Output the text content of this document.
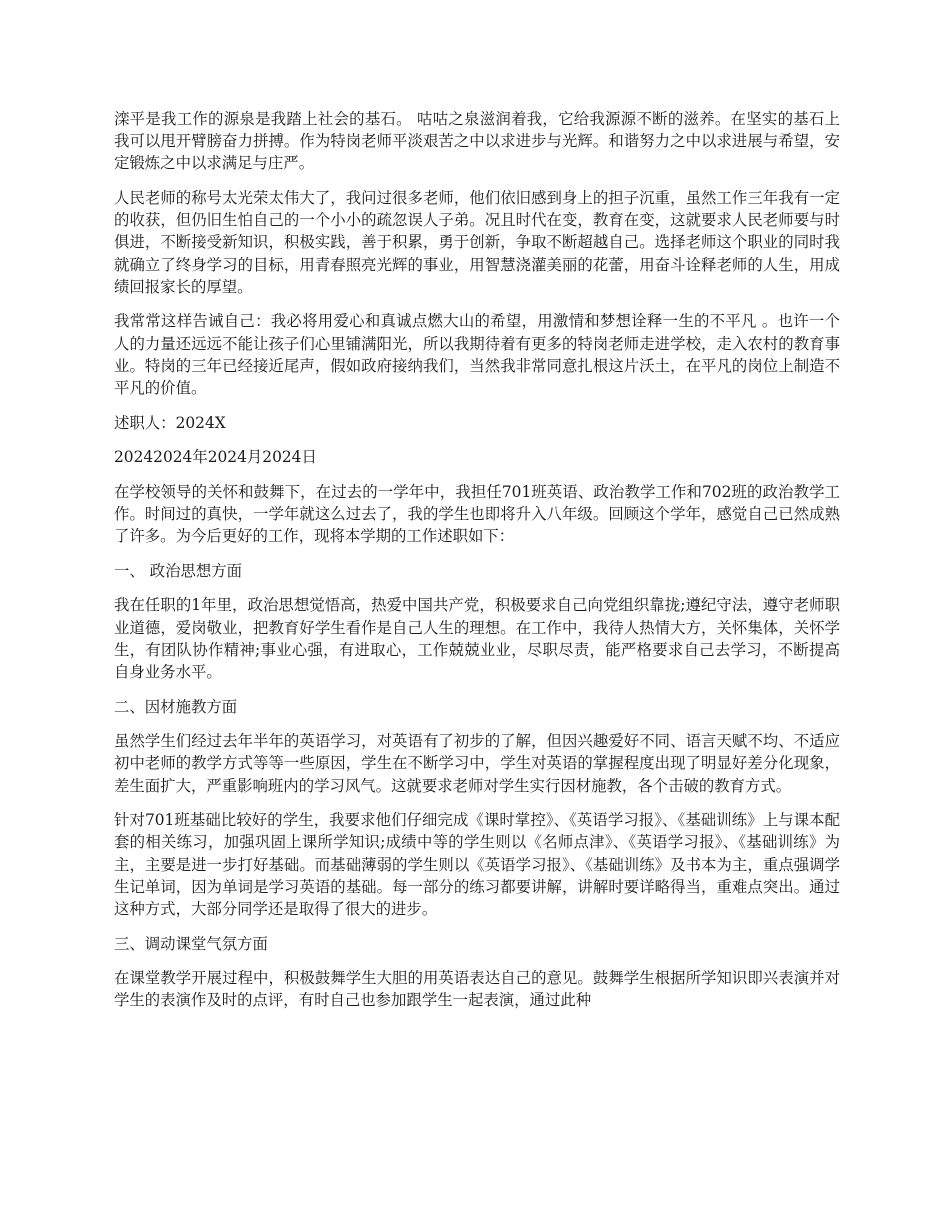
滦平是我工作的源泉是我踏上社会的基石。 咕咕之泉滋润着我，它给我源源不断的滋养。在坚实的基石上我可以甩开臂膀奋力拼搏。作为特岗老师平淡艰苦之中以求进步与光辉。和谐努力之中以求进展与希望，安定锻炼之中以求满足与庄严。

人民老师的称号太光荣太伟大了，我问过很多老师，他们依旧感到身上的担子沉重，虽然工作三年我有一定的收获，但仍旧生怕自己的一个小小的疏忽误人子弟。况且时代在变，教育在变，这就要求人民老师要与时俱进，不断接受新知识，积极实践，善于积累，勇于创新，争取不断超越自己。选择老师这个职业的同时我就确立了终身学习的目标，用青春照亮光辉的事业，用智慧浇灌美丽的花蕾，用奋斗诠释老师的人生，用成绩回报家长的厚望。

我常常这样告诫自己：我必将用爱心和真诚点燃大山的希望，用激情和梦想诠释一生的不平凡 。也许一个人的力量还远远不能让孩子们心里铺满阳光，所以我期待着有更多的特岗老师走进学校，走入农村的教育事业。特岗的三年已经接近尾声，假如政府接纳我们，当然我非常同意扎根这片沃土，在平凡的岗位上制造不平凡的价值。

述职人：2024X

20242024年2024月2024日

在学校领导的关怀和鼓舞下，在过去的一学年中，我担任701班英语、政治教学工作和702班的政治教学工作。时间过的真快，一学年就这么过去了，我的学生也即将升入八年级。回顾这个学年，感觉自己已然成熟了许多。为今后更好的工作，现将本学期的工作述职如下：

一、 政治思想方面

我在任职的1年里，政治思想觉悟高，热爱中国共产党，积极要求自己向党组织靠拢;遵纪守法，遵守老师职业道德，爱岗敬业，把教育好学生看作是自己人生的理想。在工作中，我待人热情大方，关怀集体，关怀学生，有团队协作精神;事业心强，有进取心，工作兢兢业业，尽职尽责，能严格要求自己去学习，不断提高自身业务水平。

二、因材施教方面

虽然学生们经过去年半年的英语学习，对英语有了初步的了解，但因兴趣爱好不同、语言天赋不均、不适应初中老师的教学方式等等一些原因，学生在不断学习中，学生对英语的掌握程度出现了明显好差分化现象，差生面扩大，严重影响班内的学习风气。这就要求老师对学生实行因材施教，各个击破的教育方式。

针对701班基础比较好的学生，我要求他们仔细完成《课时掌控》、《英语学习报》、《基础训练》上与课本配套的相关练习，加强巩固上课所学知识;成绩中等的学生则以《名师点津》、《英语学习报》、《基础训练》为主，主要是进一步打好基础。而基础薄弱的学生则以《英语学习报》、《基础训练》及书本为主，重点强调学生记单词，因为单词是学习英语的基础。每一部分的练习都要讲解，讲解时要详略得当，重难点突出。通过这种方式，大部分同学还是取得了很大的进步。

三、调动课堂气氛方面

在课堂教学开展过程中，积极鼓舞学生大胆的用英语表达自己的意见。鼓舞学生根据所学知识即兴表演并对学生的表演作及时的点评，有时自己也参加跟学生一起表演，通过此种
